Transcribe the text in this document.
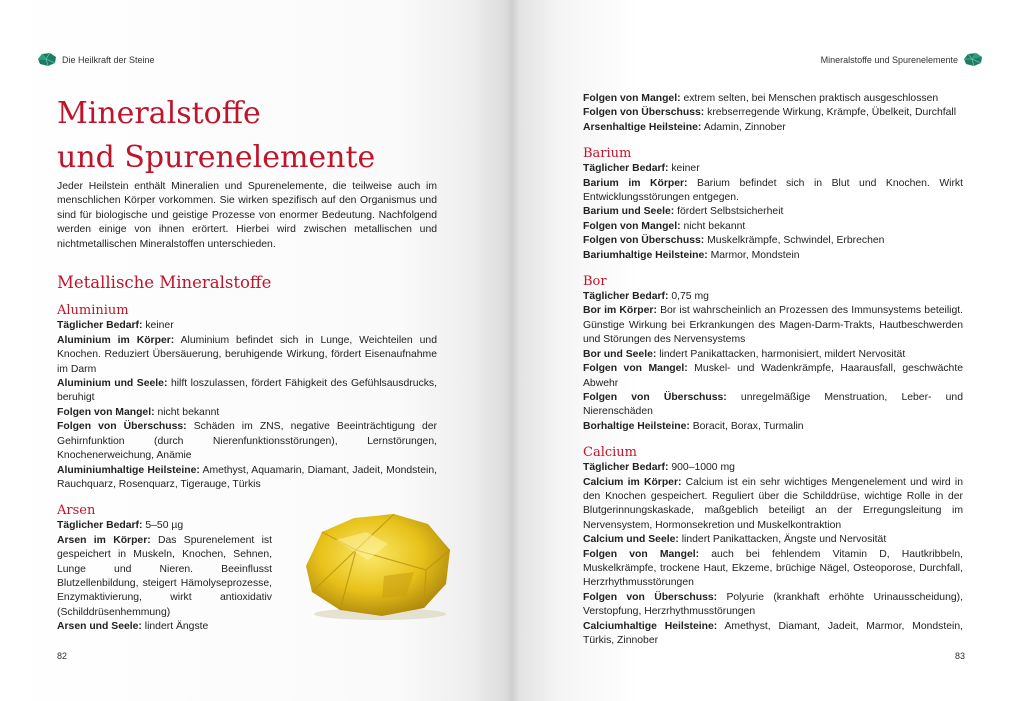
Die Heilkraft der Steine
Mineralstoffe
und Spurenelemente

Jeder Heilstein enthält Mineralien und Spurenelemente, die teilweise auch im menschlichen Körper vorkommen. Sie wirken spezifisch auf den Organismus und sind für biologische und geistige Prozesse von enormer Bedeutung. Nachfolgend werden einige von ihnen erörtert. Hierbei wird zwischen metallischen und nichtmetallischen Mineralstoffen unterschieden.

Metallische Mineralstoffe
Aluminium

Täglicher Bedarf: keiner

Aluminium im Körper: Aluminium befindet sich in Lunge, Weichteilen und Knochen. Reduziert Übersäuerung, beruhigende Wirkung, fördert Eisenaufnahme im Darm

Aluminium und Seele: hilft loszulassen, fördert Fähigkeit des Gefühlsausdrucks, beruhigt

Folgen von Mangel: nicht bekannt

Folgen von Überschuss: Schäden im ZNS, negative Beeinträchtigung der Gehirnfunktion (durch Nierenfunktionsstörungen), Lernstörungen, Knochenerweichung, Anämie

Aluminiumhaltige Heilsteine: Amethyst, Aquamarin, Diamant, Jadeit, Mondstein, Rauchquarz, Rosenquarz, Tigerauge, Türkis

Arsen

Täglicher Bedarf: 5–50 µg

Arsen im Körper: Das Spurenelement ist gespeichert in Muskeln, Knochen, Sehnen, Lunge und Nieren. Beeinflusst Blutzellenbildung, steigert Hämolyseprozesse, Enzymaktivierung, wirkt antioxidativ (Schilddrüsenhemmung)

Arsen und Seele: lindert Ängste

82
Mineralstoffe und Spurenelemente

Folgen von Mangel: extrem selten, bei Menschen praktisch ausgeschlossen

Folgen von Überschuss: krebserregende Wirkung, Krämpfe, Übelkeit, Durchfall

Arsenhaltige Heilsteine: Adamin, Zinnober

Barium

Täglicher Bedarf: keiner

Barium im Körper: Barium befindet sich in Blut und Knochen. Wirkt Entwicklungsstörungen entgegen.

Barium und Seele: fördert Selbstsicherheit

Folgen von Mangel: nicht bekannt

Folgen von Überschuss: Muskelkrämpfe, Schwindel, Erbrechen

Bariumhaltige Heilsteine: Marmor, Mondstein

Bor

Täglicher Bedarf: 0,75 mg

Bor im Körper: Bor ist wahrscheinlich an Prozessen des Immunsystems beteiligt. Günstige Wirkung bei Erkrankungen des Magen-Darm-Trakts, Hautbeschwerden und Störungen des Nervensystems

Bor und Seele: lindert Panikattacken, harmonisiert, mildert Nervosität

Folgen von Mangel: Muskel- und Wadenkrämpfe, Haarausfall, geschwächte Abwehr

Folgen von Überschuss: unregelmäßige Menstruation, Leber- und Nierenschäden

Borhaltige Heilsteine: Boracit, Borax, Turmalin

Calcium

Täglicher Bedarf: 900–1000 mg

Calcium im Körper: Calcium ist ein sehr wichtiges Mengenelement und wird in den Knochen gespeichert. Reguliert über die Schilddrüse, wichtige Rolle in der Blutgerinnungskaskade, maßgeblich beteiligt an der Erregungsleitung im Nervensystem, Hormonsekretion und Muskelkontraktion

Calcium und Seele: lindert Panikattacken, Ängste und Nervosität

Folgen von Mangel: auch bei fehlendem Vitamin D, Hautkribbeln, Muskelkrämpfe, trockene Haut, Ekzeme, brüchige Nägel, Osteoporose, Durchfall, Herzrhythmusstörungen

Folgen von Überschuss: Polyurie (krankhaft erhöhte Urinausscheidung), Verstopfung, Herzrhythmusstörungen

Calciumhaltige Heilsteine: Amethyst, Diamant, Jadeit, Marmor, Mondstein, Türkis, Zinnober

83
